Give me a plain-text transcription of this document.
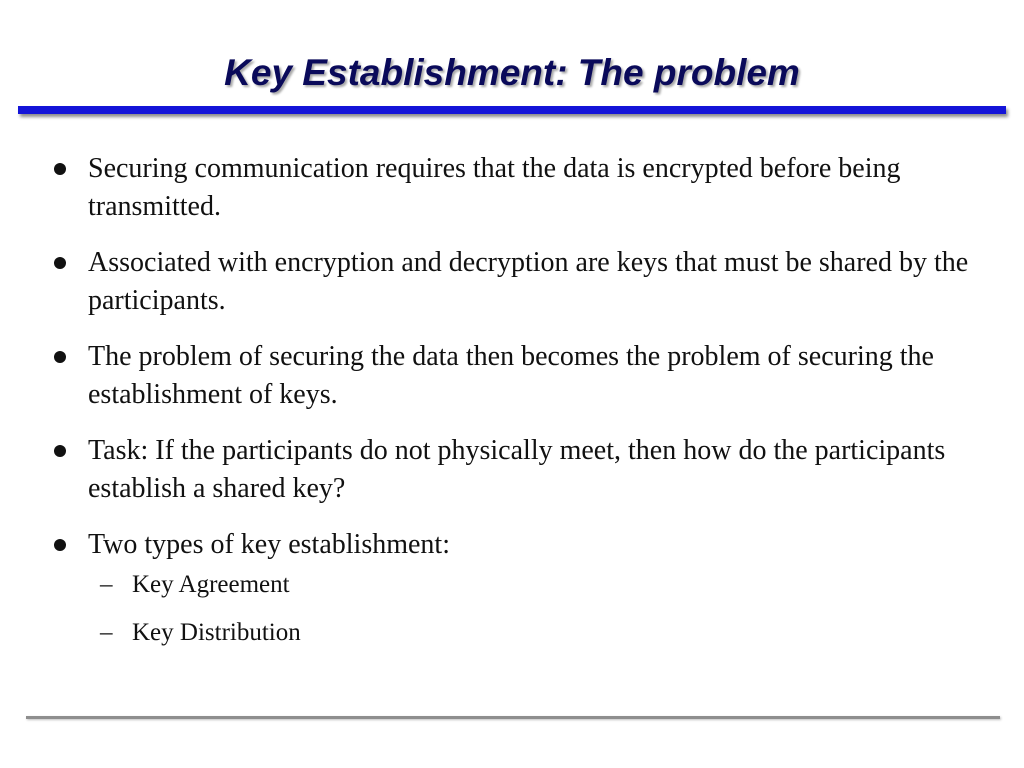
Key Establishment: The problem
Securing communication requires that the data is encrypted before being transmitted.
Associated with encryption and decryption are keys that must be shared by the participants.
The problem of securing the data then becomes the problem of securing the establishment of keys.
Task: If the participants do not physically meet, then how do the participants establish a shared key?
Two types of key establishment:
– Key Agreement
– Key Distribution
